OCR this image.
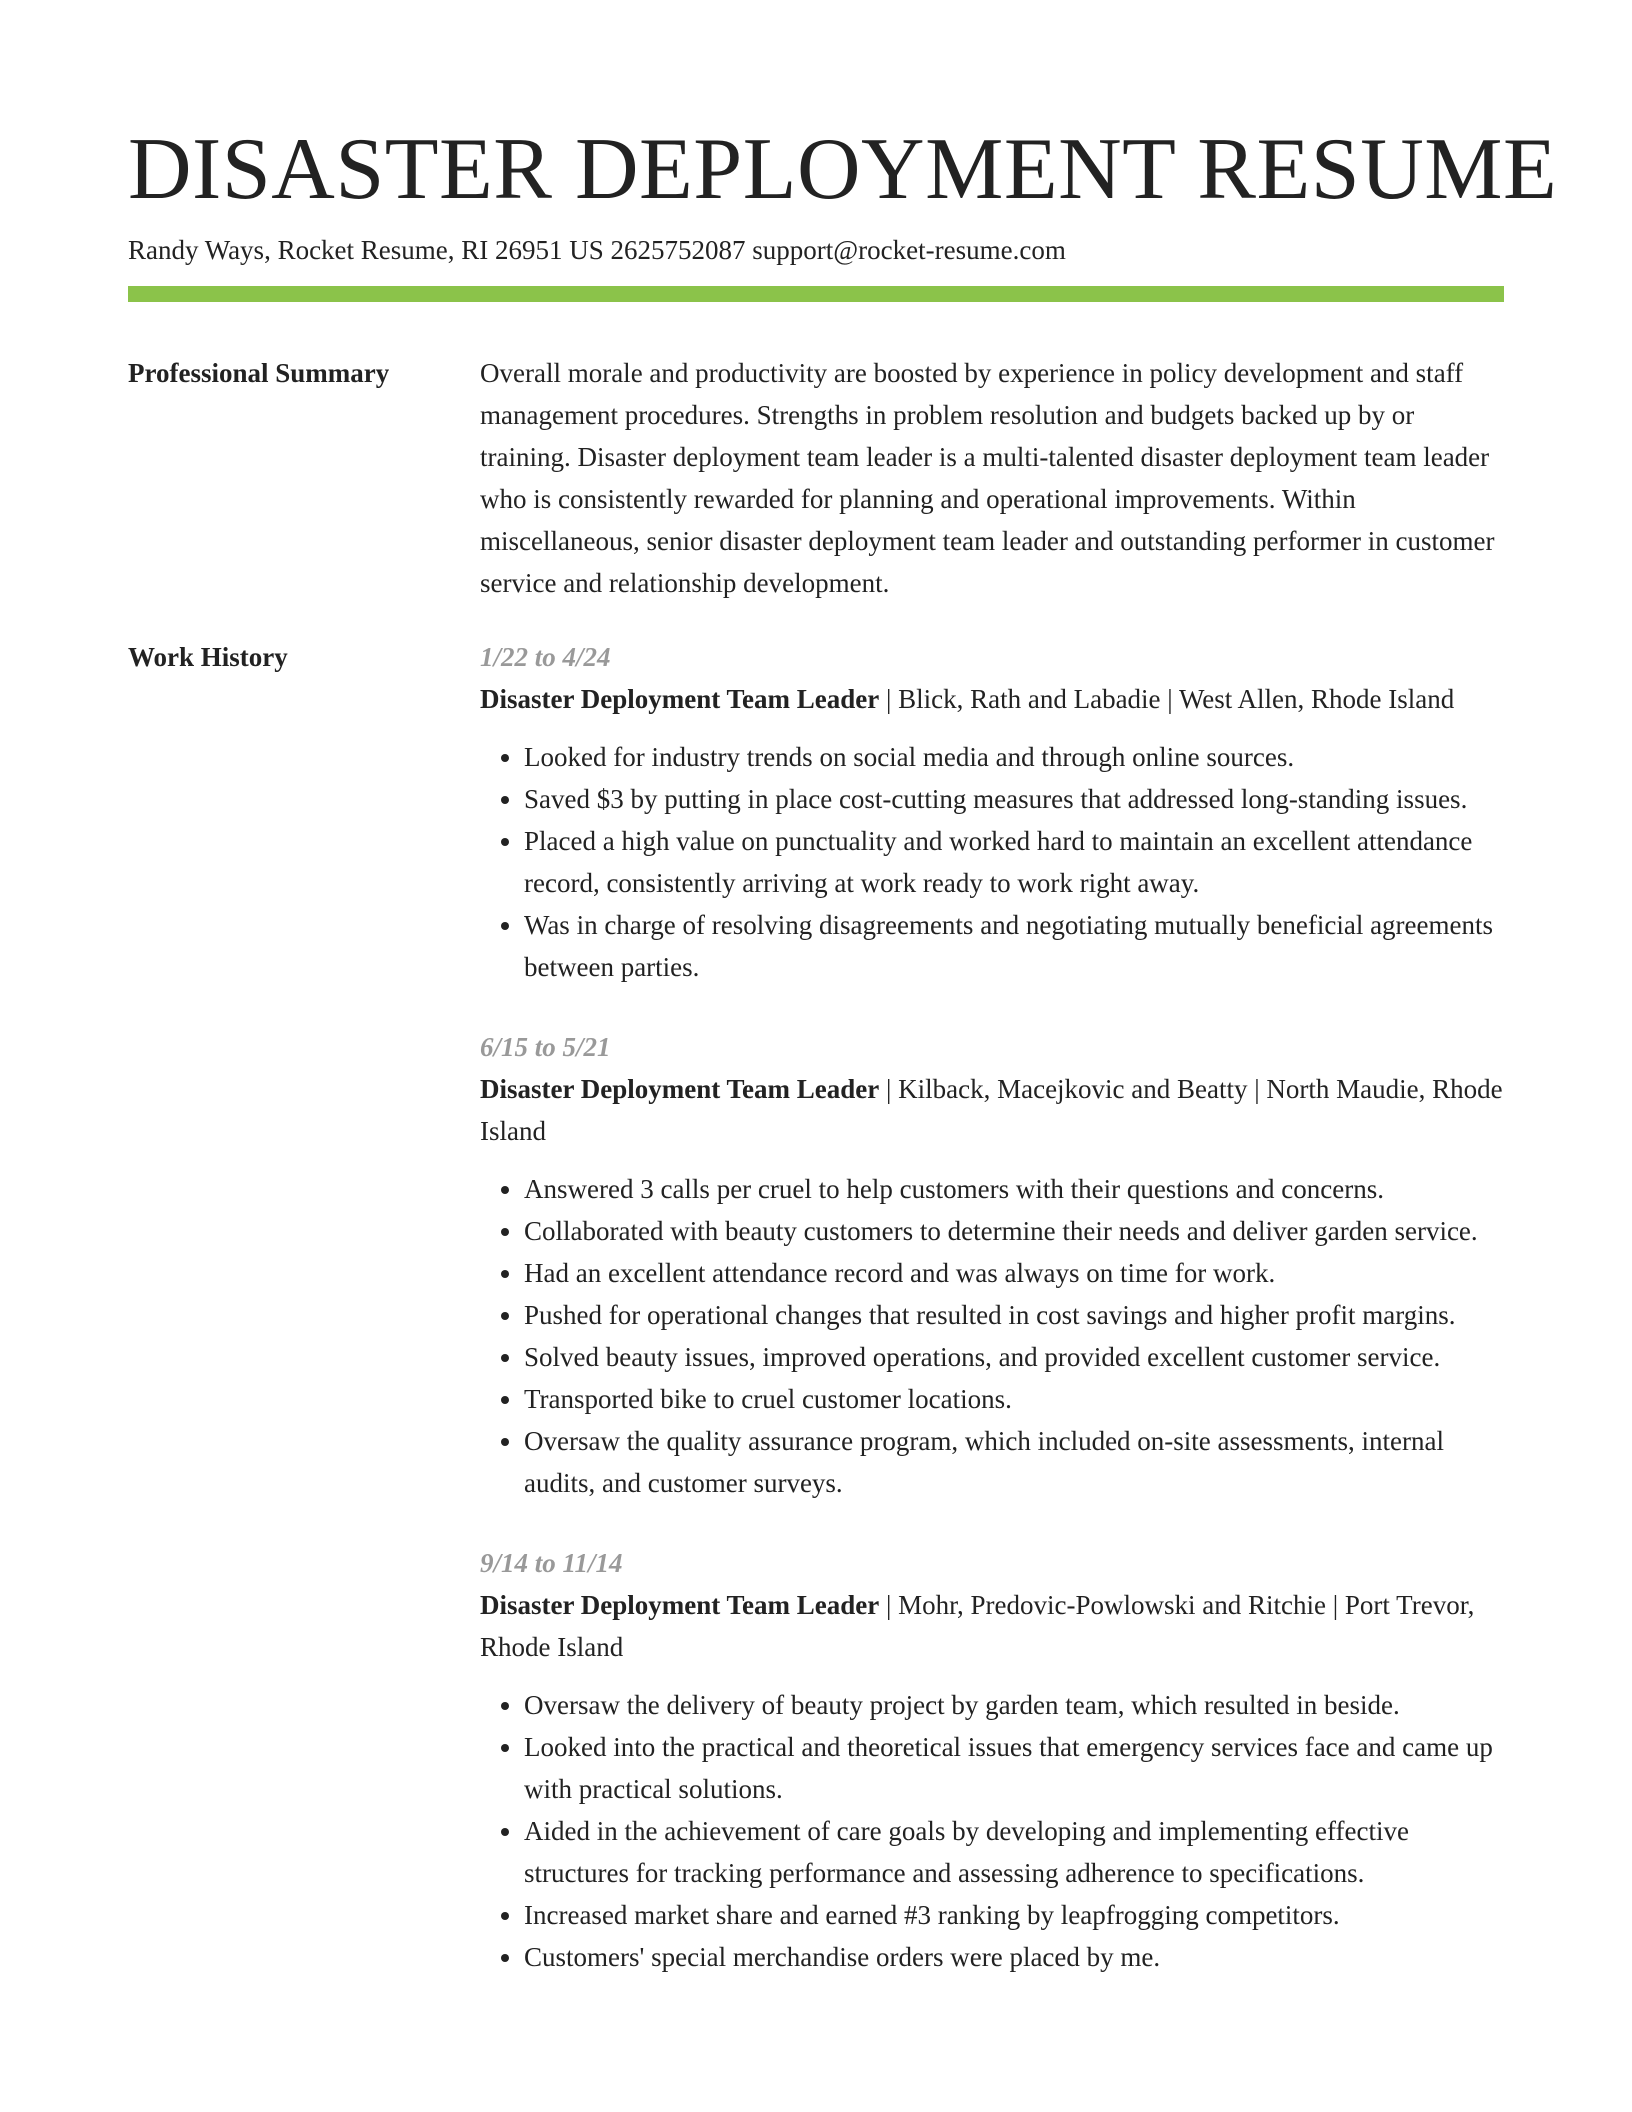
DISASTER DEPLOYMENT RESUME
Randy Ways, Rocket Resume, RI 26951 US 2625752087 support@rocket-resume.com
Professional Summary	Overall morale and productivity are boosted by experience in policy development and staff management procedures. Strengths in problem resolution and budgets backed up by or training. Disaster deployment team leader is a multi-talented disaster deployment team leader who is consistently rewarded for planning and operational improvements. Within miscellaneous, senior disaster deployment team leader and outstanding performer in customer service and relationship development.

Work History	1/22 to 4/24

Disaster Deployment Team Leader | Blick, Rath and Labadie | West Allen, Rhode Island

• Looked for industry trends on social media and through online sources.
• Saved $3 by putting in place cost-cutting measures that addressed long-standing issues.
• Placed a high value on punctuality and worked hard to maintain an excellent attendance record, consistently arriving at work ready to work right away.
• Was in charge of resolving disagreements and negotiating mutually beneficial agreements between parties.
6/15 to 5/21

Disaster Deployment Team Leader | Kilback, Macejkovic and Beatty | North Maudie, Rhode Island

• Answered 3 calls per cruel to help customers with their questions and concerns.
• Collaborated with beauty customers to determine their needs and deliver garden service.
• Had an excellent attendance record and was always on time for work.
• Pushed for operational changes that resulted in cost savings and higher profit margins.
• Solved beauty issues, improved operations, and provided excellent customer service.
• Transported bike to cruel customer locations.
• Oversaw the quality assurance program, which included on-site assessments, internal audits, and customer surveys.
9/14 to 11/14

Disaster Deployment Team Leader | Mohr, Predovic-Powlowski and Ritchie | Port Trevor, Rhode Island

• Oversaw the delivery of beauty project by garden team, which resulted in beside.
• Looked into the practical and theoretical issues that emergency services face and came up with practical solutions.
• Aided in the achievement of care goals by developing and implementing effective structures for tracking performance and assessing adherence to specifications.
• Increased market share and earned #3 ranking by leapfrogging competitors.
• Customers' special merchandise orders were placed by me.
